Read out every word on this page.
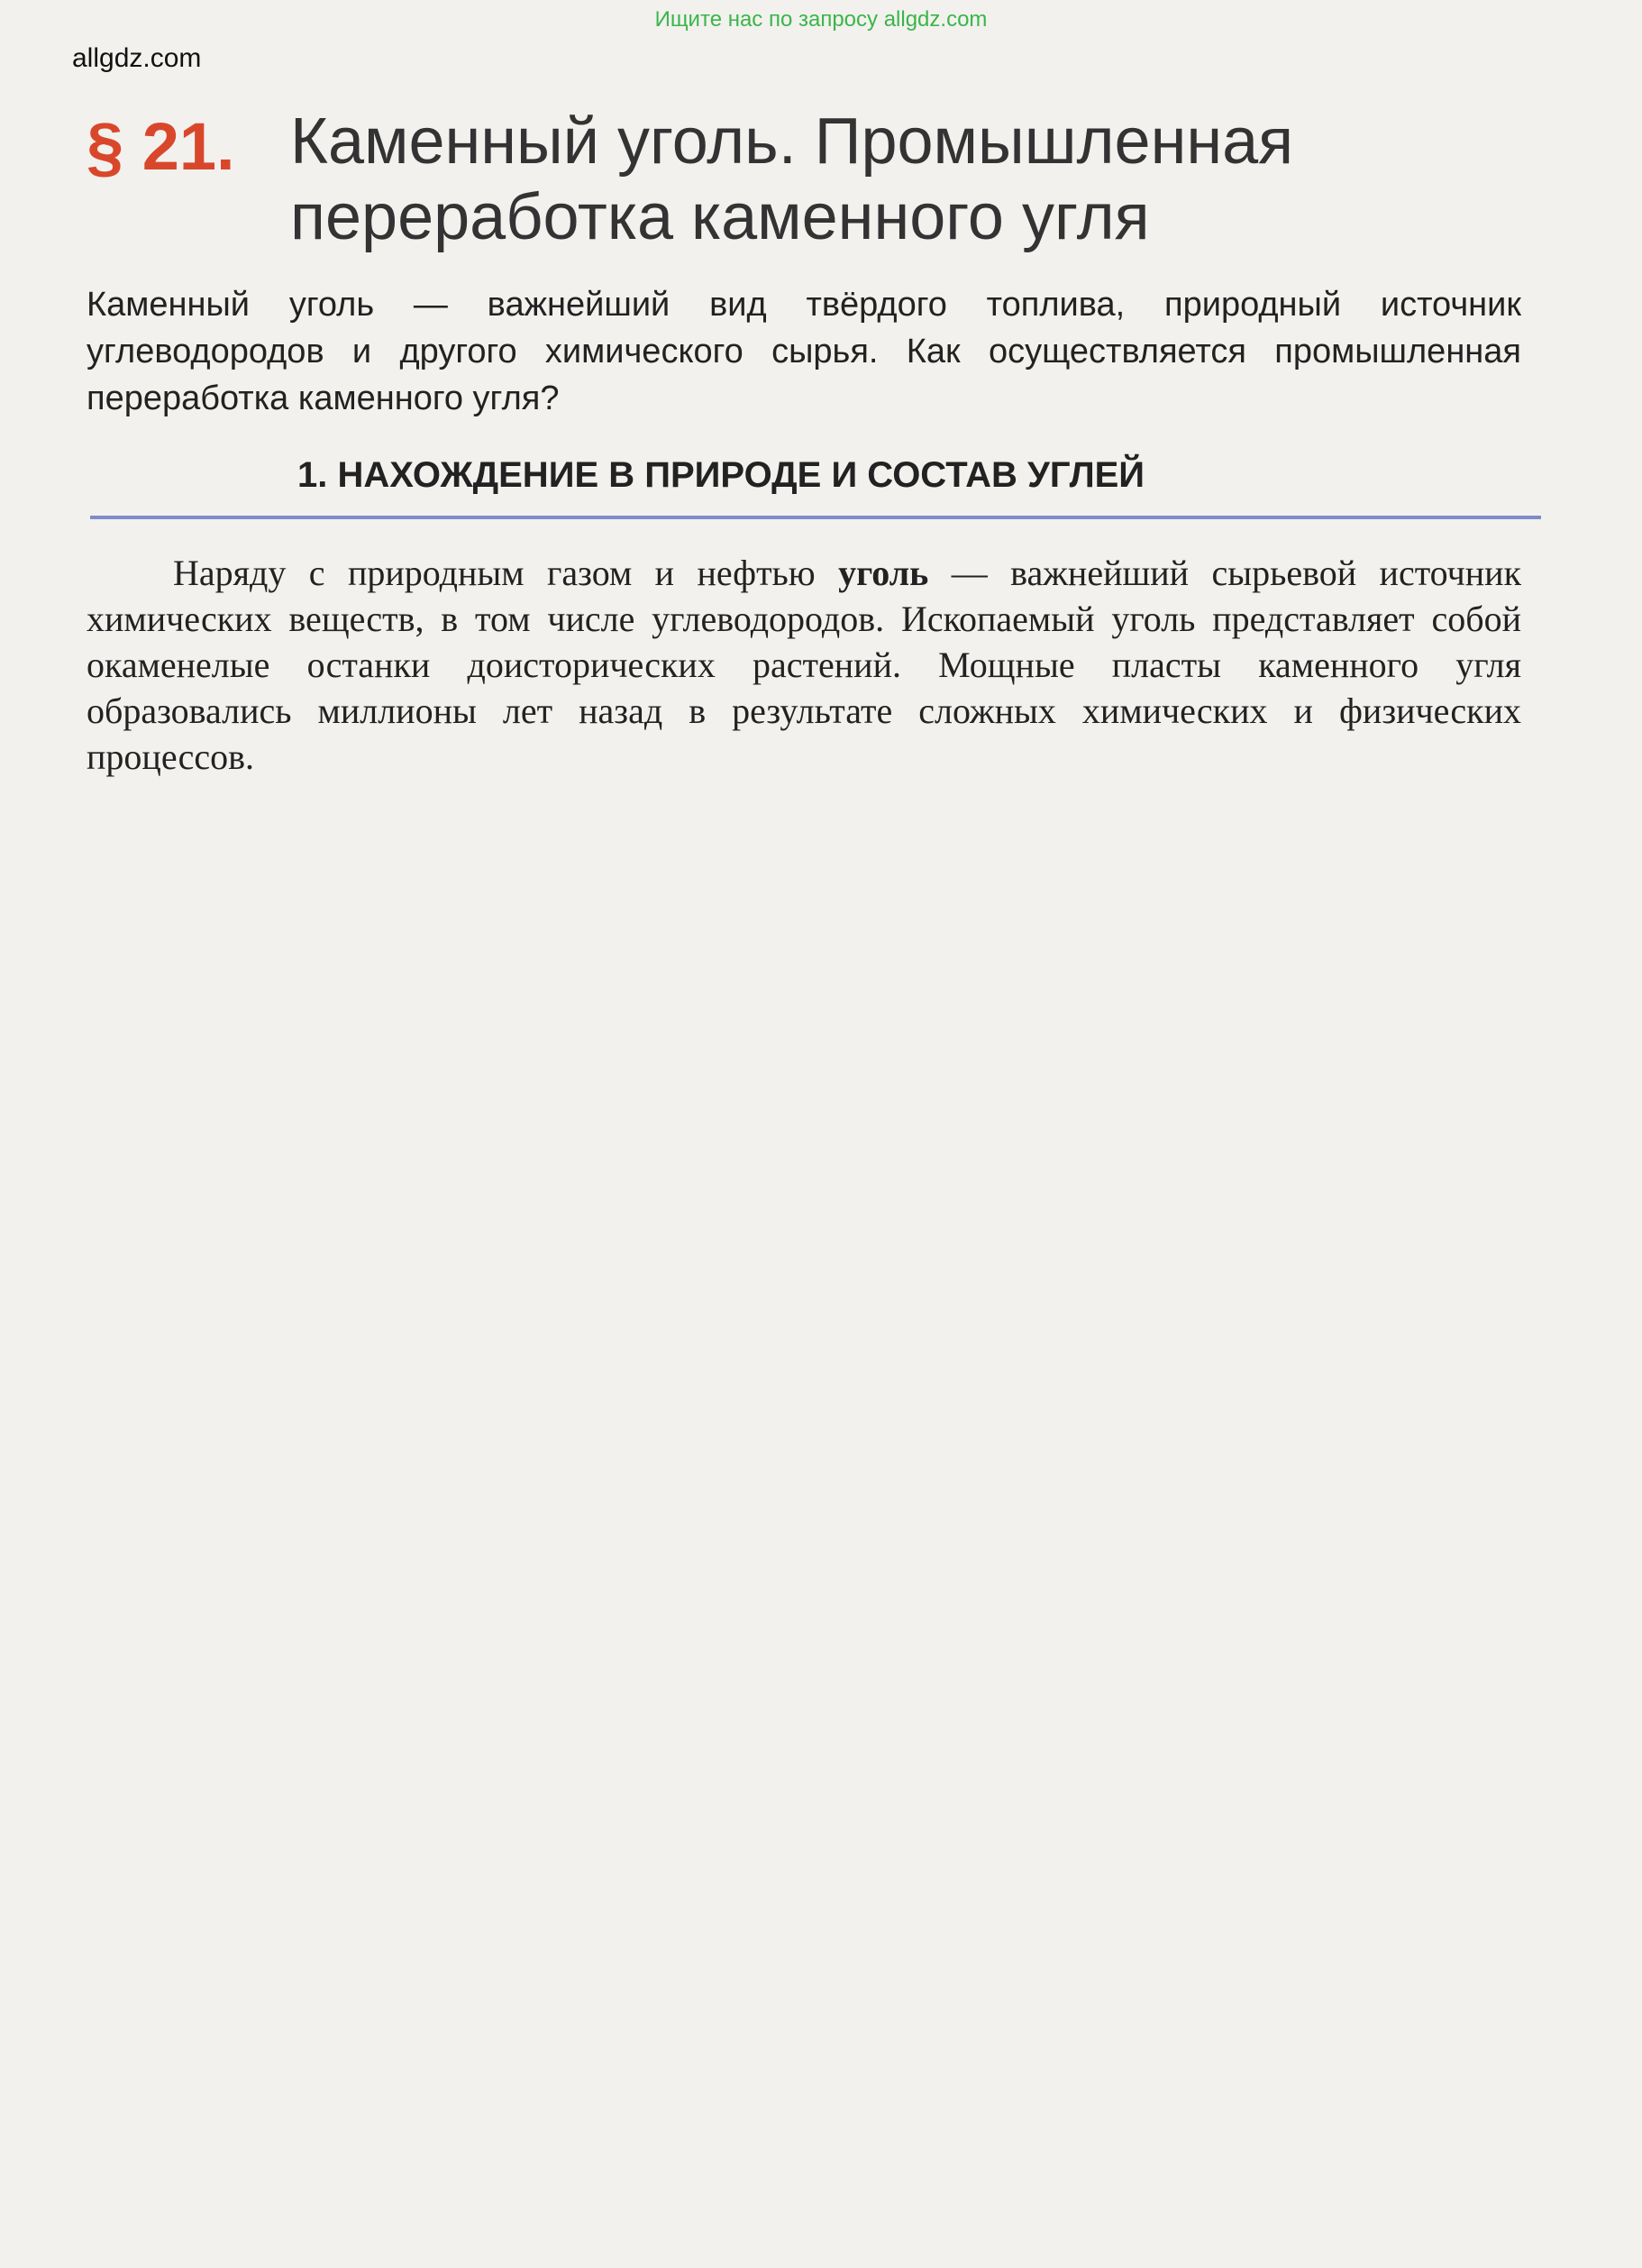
Ищите нас по запросу allgdz.com
allgdz.com
§ 21. Каменный уголь. Промышленная переработка каменного угля
Каменный уголь — важнейший вид твёрдого топлива, природный источник углеводородов и другого химического сырья. Как осуществляется промышленная переработка каменного угля?
1. НАХОЖДЕНИЕ В ПРИРОДЕ И СОСТАВ УГЛЕЙ

Наряду с природным газом и нефтью уголь — важнейший сырьевой источник химических веществ, в том числе углеводородов. Ископаемый уголь представляет собой окаменелые останки доисторических растений. Мощные пласты каменного угля образовались миллионы лет назад в результате сложных химических и физических процессов.
